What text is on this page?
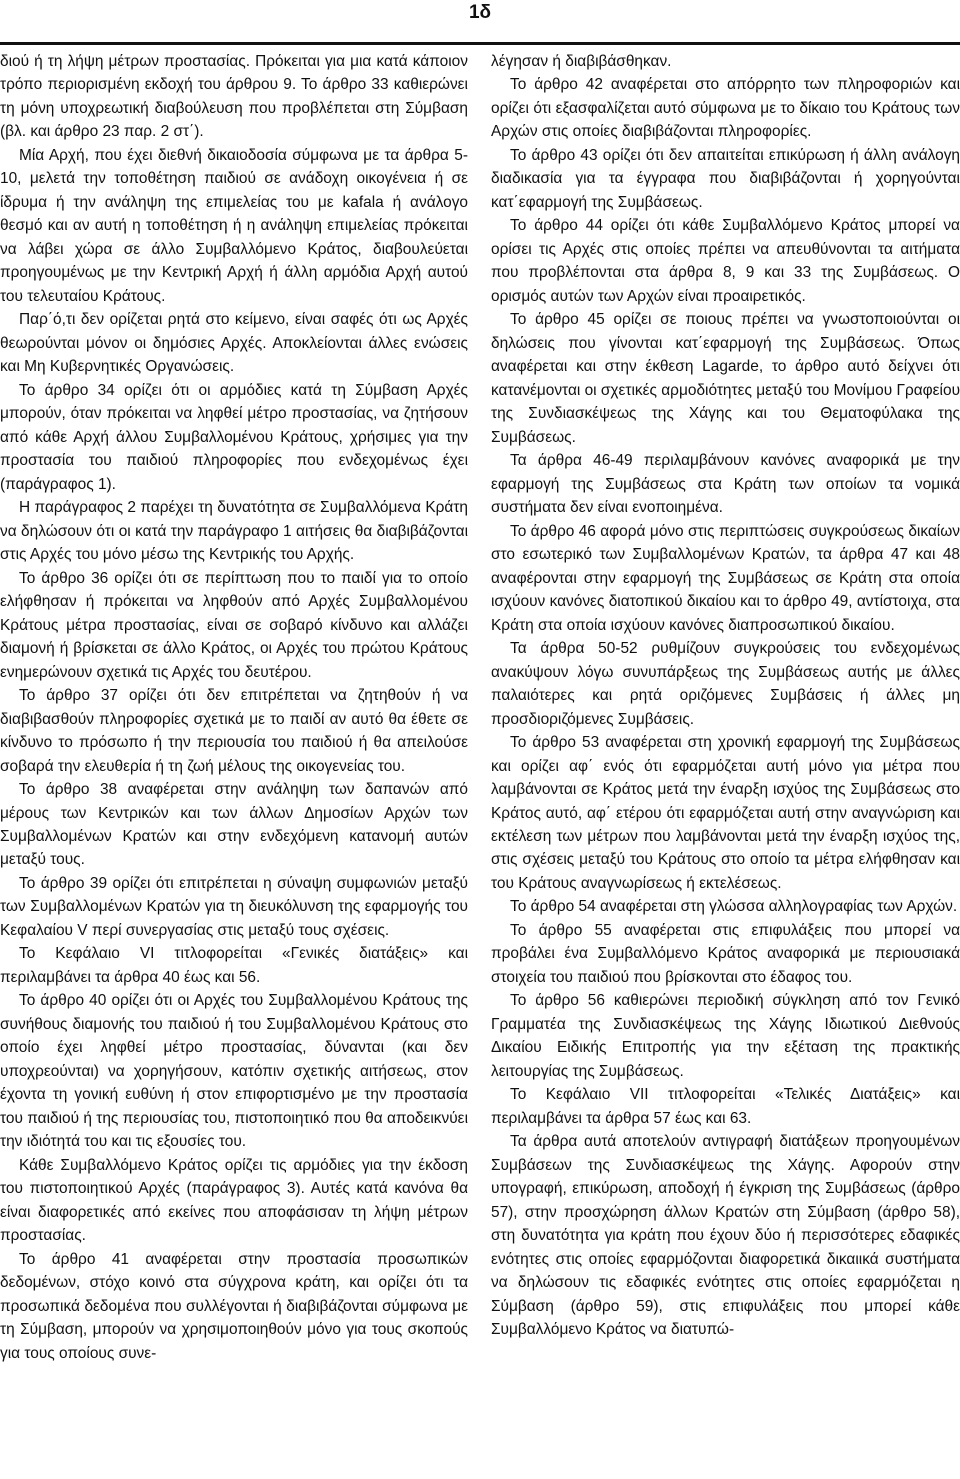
1δ

διού ή τη λήψη μέτρων προστασίας. Πρόκειται για μια κατά κάποιον τρόπο περιορισμένη εκδοχή του άρθρου 9. Το άρθρο 33 καθιερώνει τη μόνη υποχρεωτική διαβούλευση που προβλέπεται στη Σύμβαση (βλ. και άρθρο 23 παρ. 2 στ΄).

Μία Αρχή, που έχει διεθνή δικαιοδοσία σύμφωνα με τα άρθρα 5-10, μελετά την τοποθέτηση παιδιού σε ανάδοχη οικογένεια ή σε ίδρυμα ή την ανάληψη της επιμελείας του με kafala ή ανάλογο θεσμό και αν αυτή η τοποθέτηση ή η ανάληψη επιμελείας πρόκειται να λάβει χώρα σε άλλο Συμβαλλόμενο Κράτος, διαβουλεύεται προηγουμένως με την Κεντρική Αρχή ή άλλη αρμόδια Αρχή αυτού του τελευταίου Κράτους.

Παρ΄ό,τι δεν ορίζεται ρητά στο κείμενο, είναι σαφές ότι ως Αρχές θεωρούνται μόνον οι δημόσιες Αρχές. Αποκλείονται άλλες ενώσεις και Μη Κυβερνητικές Οργανώσεις.

Το άρθρο 34 ορίζει ότι οι αρμόδιες κατά τη Σύμβαση Αρχές μπορούν, όταν πρόκειται να ληφθεί μέτρο προστασίας, να ζητήσουν από κάθε Αρχή άλλου Συμβαλλομένου Κράτους, χρήσιμες για την προστασία του παιδιού πληροφορίες που ενδεχομένως έχει (παράγραφος 1).

Η παράγραφος 2 παρέχει τη δυνατότητα σε Συμβαλλόμενα Κράτη να δηλώσουν ότι οι κατά την παράγραφο 1 αιτήσεις θα διαβιβάζονται στις Αρχές του μόνο μέσω της Κεντρικής του Αρχής.

Το άρθρο 36 ορίζει ότι σε περίπτωση που το παιδί για το οποίο ελήφθησαν ή πρόκειται να ληφθούν από Αρχές Συμβαλλομένου Κράτους μέτρα προστασίας, είναι σε σοβαρό κίνδυνο και αλλάζει διαμονή ή βρίσκεται σε άλλο Κράτος, οι Αρχές του πρώτου Κράτους ενημερώνουν σχετικά τις Αρχές του δευτέρου.

Το άρθρο 37 ορίζει ότι δεν επιτρέπεται να ζητηθούν ή να διαβιβασθούν πληροφορίες σχετικά με το παιδί αν αυτό θα έθετε σε κίνδυνο το πρόσωπο ή την περιουσία του παιδιού ή θα απειλούσε σοβαρά την ελευθερία ή τη ζωή μέλους της οικογενείας του.

Το άρθρο 38 αναφέρεται στην ανάληψη των δαπανών από μέρους των Κεντρικών και των άλλων Δημοσίων Αρχών των Συμβαλλομένων Κρατών και στην ενδεχόμενη κατανομή αυτών μεταξύ τους.

Το άρθρο 39 ορίζει ότι επιτρέπεται η σύναψη συμφωνιών μεταξύ των Συμβαλλομένων Κρατών για τη διευκόλυνση της εφαρμογής του Κεφαλαίου V περί συνεργασίας στις μεταξύ τους σχέσεις.

Το Κεφάλαιο VI τιτλοφορείται «Γενικές διατάξεις» και περιλαμβάνει τα άρθρα 40 έως και 56.

Το άρθρο 40 ορίζει ότι οι Αρχές του Συμβαλλομένου Κράτους της συνήθους διαμονής του παιδιού ή του Συμβαλλομένου Κράτους στο οποίο έχει ληφθεί μέτρο προστασίας, δύνανται (και δεν υποχρεούνται) να χορηγήσουν, κατόπιν σχετικής αιτήσεως, στον έχοντα τη γονική ευθύνη ή στον επιφορτισμένο με την προστασία του παιδιού ή της περιουσίας του, πιστοποιητικό που θα αποδεικνύει την ιδιότητά του και τις εξουσίες του.

Κάθε Συμβαλλόμενο Κράτος ορίζει τις αρμόδιες για την έκδοση του πιστοποιητικού Αρχές (παράγραφος 3). Αυτές κατά κανόνα θα είναι διαφορετικές από εκείνες που αποφάσισαν τη λήψη μέτρων προστασίας.

Το άρθρο 41 αναφέρεται στην προστασία προσωπικών δεδομένων, στόχο κοινό στα σύγχρονα κράτη, και ορίζει ότι τα προσωπικά δεδομένα που συλλέγονται ή διαβιβάζονται σύμφωνα με τη Σύμβαση, μπορούν να χρησιμοποιηθούν μόνο για τους σκοπούς για τους οποίους συνε-

λέγησαν ή διαβιβάσθηκαν.

Το άρθρο 42 αναφέρεται στο απόρρητο των πληροφοριών και ορίζει ότι εξασφαλίζεται αυτό σύμφωνα με το δίκαιο του Κράτους των Αρχών στις οποίες διαβιβάζονται πληροφορίες.

Το άρθρο 43 ορίζει ότι δεν απαιτείται επικύρωση ή άλλη ανάλογη διαδικασία για τα έγγραφα που διαβιβάζονται ή χορηγούνται κατ΄εφαρμογή της Συμβάσεως.

Το άρθρο 44 ορίζει ότι κάθε Συμβαλλόμενο Κράτος μπορεί να ορίσει τις Αρχές στις οποίες πρέπει να απευθύνονται τα αιτήματα που προβλέπονται στα άρθρα 8, 9 και 33 της Συμβάσεως. Ο ορισμός αυτών των Αρχών είναι προαιρετικός.

Το άρθρο 45 ορίζει σε ποιους πρέπει να γνωστοποιούνται οι δηλώσεις που γίνονται κατ΄εφαρμογή της Συμβάσεως. Όπως αναφέρεται και στην έκθεση Lagarde, το άρθρο αυτό δείχνει ότι κατανέμονται οι σχετικές αρμοδιότητες μεταξύ του Μονίμου Γραφείου της Συνδιασκέψεως της Χάγης και του Θεματοφύλακα της Συμβάσεως.

Τα άρθρα 46-49 περιλαμβάνουν κανόνες αναφορικά με την εφαρμογή της Συμβάσεως στα Κράτη των οποίων τα νομικά συστήματα δεν είναι ενοποιημένα.

Το άρθρο 46 αφορά μόνο στις περιπτώσεις συγκρούσεως δικαίων στο εσωτερικό των Συμβαλλομένων Κρατών, τα άρθρα 47 και 48 αναφέρονται στην εφαρμογή της Συμβάσεως σε Κράτη στα οποία ισχύουν κανόνες διατοπικού δικαίου και το άρθρο 49, αντίστοιχα, στα Κράτη στα οποία ισχύουν κανόνες διαπροσωπικού δικαίου.

Τα άρθρα 50-52 ρυθμίζουν συγκρούσεις του ενδεχομένως ανακύψουν λόγω συνυπάρξεως της Συμβάσεως αυτής με άλλες παλαιότερες και ρητά οριζόμενες Συμβάσεις ή άλλες μη προσδιοριζόμενες Συμβάσεις.

Το άρθρο 53 αναφέρεται στη χρονική εφαρμογή της Συμβάσεως και ορίζει αφ΄ ενός ότι εφαρμόζεται αυτή μόνο για μέτρα που λαμβάνονται σε Κράτος μετά την έναρξη ισχύος της Συμβάσεως στο Κράτος αυτό, αφ΄ ετέρου ότι εφαρμόζεται αυτή στην αναγνώριση και εκτέλεση των μέτρων που λαμβάνονται μετά την έναρξη ισχύος της, στις σχέσεις μεταξύ του Κράτους στο οποίο τα μέτρα ελήφθησαν και του Κράτους αναγνωρίσεως ή εκτελέσεως.

Το άρθρο 54 αναφέρεται στη γλώσσα αλληλογραφίας των Αρχών.

Το άρθρο 55 αναφέρεται στις επιφυλάξεις που μπορεί να προβάλει ένα Συμβαλλόμενο Κράτος αναφορικά με περιουσιακά στοιχεία του παιδιού που βρίσκονται στο έδαφος του.

Το άρθρο 56 καθιερώνει περιοδική σύγκληση από τον Γενικό Γραμματέα της Συνδιασκέψεως της Χάγης Ιδιωτικού Διεθνούς Δικαίου Ειδικής Επιτροπής για την εξέταση της πρακτικής λειτουργίας της Συμβάσεως.

Το Κεφάλαιο VII τιτλοφορείται «Τελικές Διατάξεις» και περιλαμβάνει τα άρθρα 57 έως και 63.

Τα άρθρα αυτά αποτελούν αντιγραφή διατάξεων προηγουμένων Συμβάσεων της Συνδιασκέψεως της Χάγης. Αφορούν στην υπογραφή, επικύρωση, αποδοχή ή έγκριση της Συμβάσεως (άρθρο 57), στην προσχώρηση άλλων Κρατών στη Σύμβαση (άρθρο 58), στη δυνατότητα για κράτη που έχουν δύο ή περισσότερες εδαφικές ενότητες στις οποίες εφαρμόζονται διαφορετικά δικαιικά συστήματα να δηλώσουν τις εδαφικές ενότητες στις οποίες εφαρμόζεται η Σύμβαση (άρθρο 59), στις επιφυλάξεις που μπορεί κάθε Συμβαλλόμενο Κράτος να διατυπώ-
